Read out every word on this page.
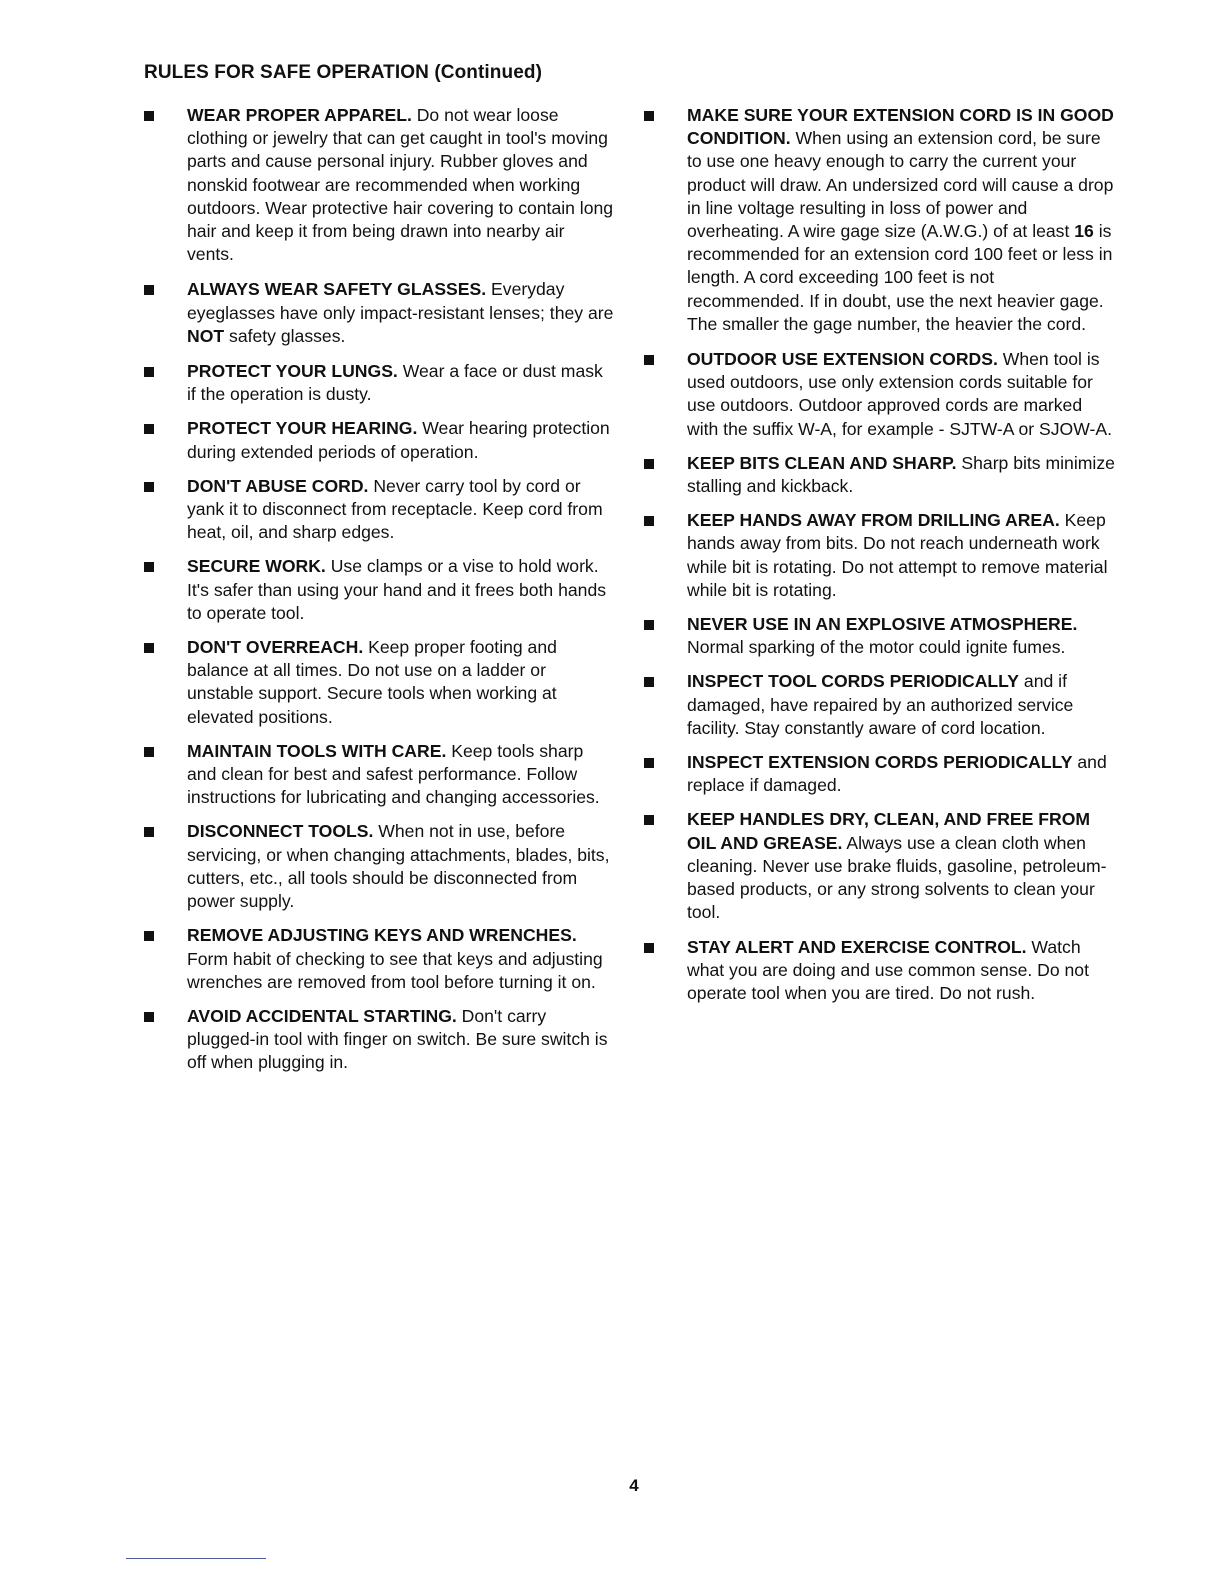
RULES FOR SAFE OPERATION (Continued)
WEAR PROPER APPAREL. Do not wear loose clothing or jewelry that can get caught in tool's moving parts and cause personal injury. Rubber gloves and nonskid footwear are recommended when working outdoors. Wear protective hair covering to contain long hair and keep it from being drawn into nearby air vents.
ALWAYS WEAR SAFETY GLASSES. Everyday eyeglasses have only impact-resistant lenses; they are NOT safety glasses.
PROTECT YOUR LUNGS. Wear a face or dust mask if the operation is dusty.
PROTECT YOUR HEARING. Wear hearing protection during extended periods of operation.
DON'T ABUSE CORD. Never carry tool by cord or yank it to disconnect from receptacle. Keep cord from heat, oil, and sharp edges.
SECURE WORK. Use clamps or a vise to hold work. It's safer than using your hand and it frees both hands to operate tool.
DON'T OVERREACH. Keep proper footing and balance at all times. Do not use on a ladder or unstable support. Secure tools when working at elevated positions.
MAINTAIN TOOLS WITH CARE. Keep tools sharp and clean for best and safest performance. Follow instructions for lubricating and changing accessories.
DISCONNECT TOOLS. When not in use, before servicing, or when changing attachments, blades, bits, cutters, etc., all tools should be disconnected from power supply.
REMOVE ADJUSTING KEYS AND WRENCHES. Form habit of checking to see that keys and adjusting wrenches are removed from tool before turning it on.
AVOID ACCIDENTAL STARTING. Don't carry plugged-in tool with finger on switch. Be sure switch is off when plugging in.
MAKE SURE YOUR EXTENSION CORD IS IN GOOD CONDITION. When using an extension cord, be sure to use one heavy enough to carry the current your product will draw. An undersized cord will cause a drop in line voltage resulting in loss of power and overheating. A wire gage size (A.W.G.) of at least 16 is recommended for an extension cord 100 feet or less in length. A cord exceeding 100 feet is not recommended. If in doubt, use the next heavier gage. The smaller the gage number, the heavier the cord.
OUTDOOR USE EXTENSION CORDS. When tool is used outdoors, use only extension cords suitable for use outdoors. Outdoor approved cords are marked with the suffix W-A, for example - SJTW-A or SJOW-A.
KEEP BITS CLEAN AND SHARP. Sharp bits minimize stalling and kickback.
KEEP HANDS AWAY FROM DRILLING AREA. Keep hands away from bits. Do not reach underneath work while bit is rotating. Do not attempt to remove material while bit is rotating.
NEVER USE IN AN EXPLOSIVE ATMOSPHERE. Normal sparking of the motor could ignite fumes.
INSPECT TOOL CORDS PERIODICALLY and if damaged, have repaired by an authorized service facility. Stay constantly aware of cord location.
INSPECT EXTENSION CORDS PERIODICALLY and replace if damaged.
KEEP HANDLES DRY, CLEAN, AND FREE FROM OIL AND GREASE. Always use a clean cloth when cleaning. Never use brake fluids, gasoline, petroleum-based products, or any strong solvents to clean your tool.
STAY ALERT AND EXERCISE CONTROL. Watch what you are doing and use common sense. Do not operate tool when you are tired. Do not rush.
4
